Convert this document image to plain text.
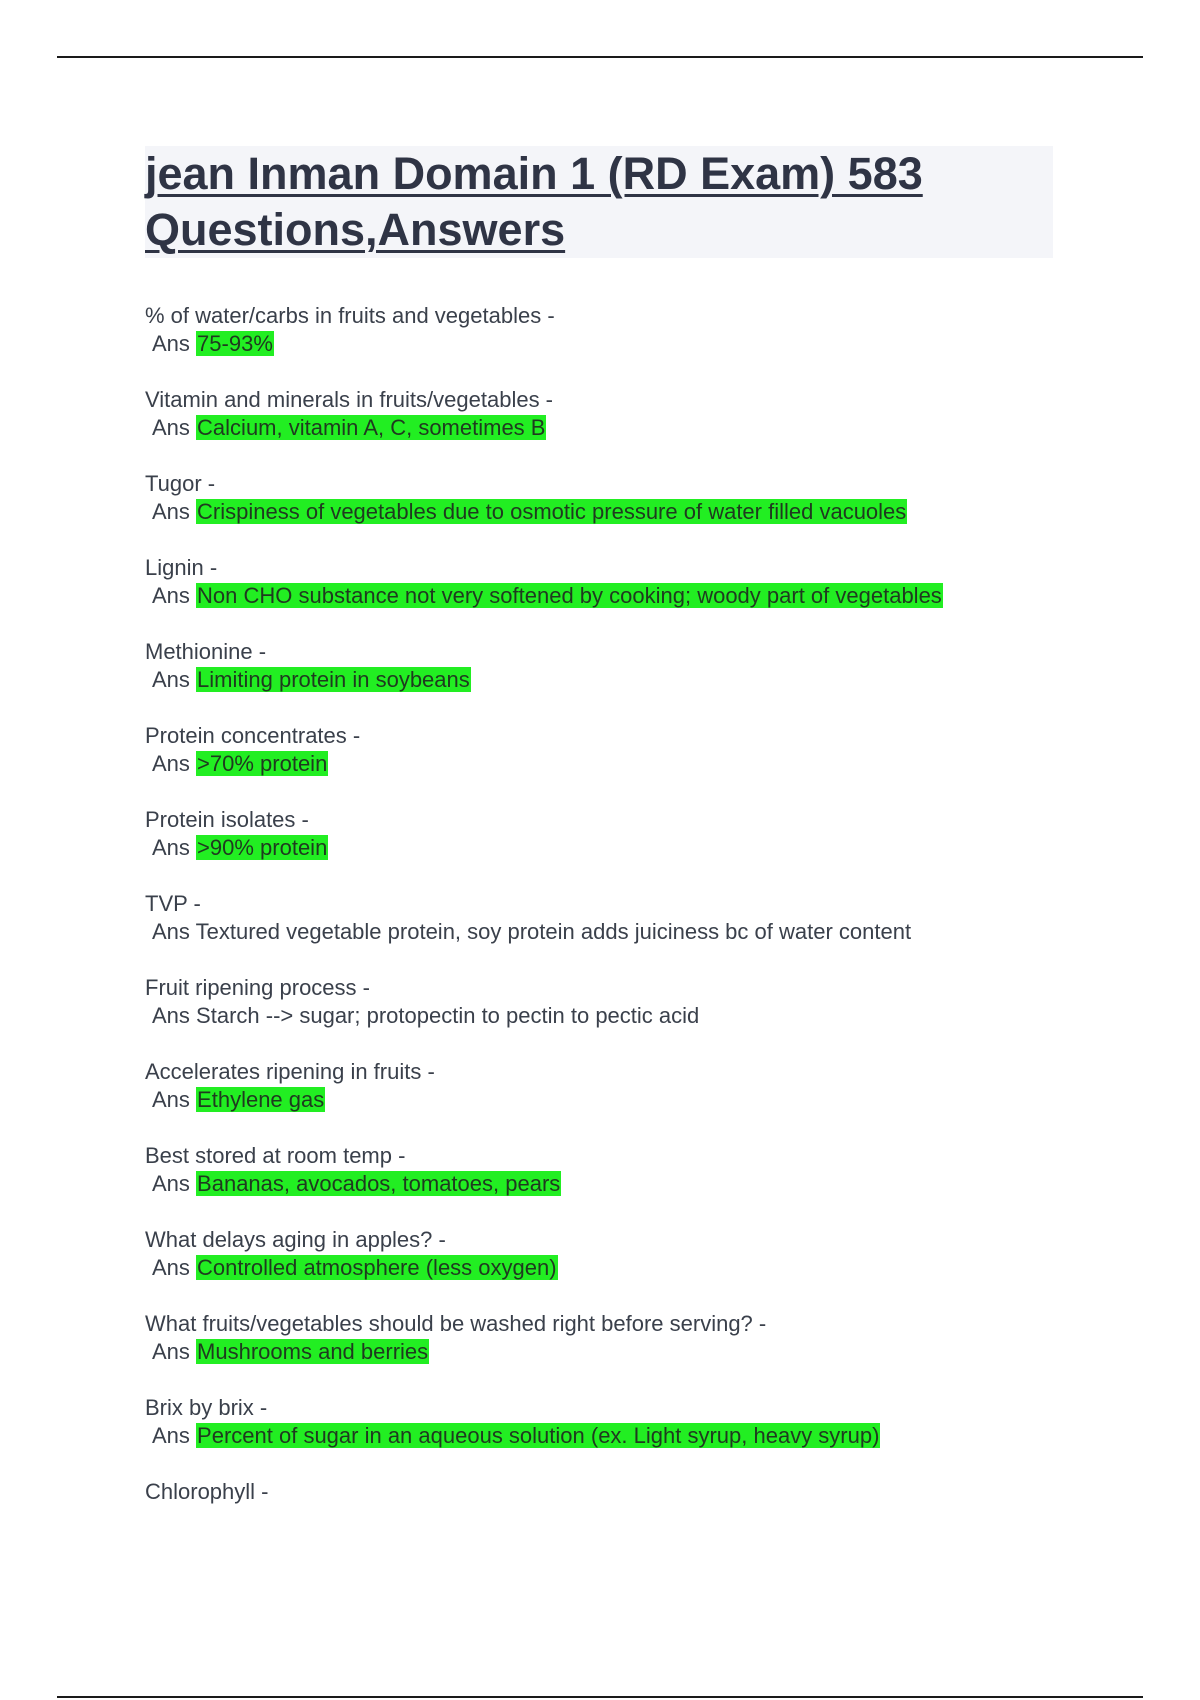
jean Inman Domain 1 (RD Exam) 583 Questions,Answers
% of water/carbs in fruits and vegetables -
Ans 75-93%
Vitamin and minerals in fruits/vegetables -
Ans Calcium, vitamin A, C, sometimes B
Tugor -
Ans Crispiness of vegetables due to osmotic pressure of water filled vacuoles
Lignin -
Ans Non CHO substance not very softened by cooking; woody part of vegetables
Methionine -
Ans Limiting protein in soybeans
Protein concentrates -
Ans >70% protein
Protein isolates -
Ans >90% protein
TVP -
Ans Textured vegetable protein, soy protein adds juiciness bc of water content
Fruit ripening process -
Ans Starch --> sugar; protopectin to pectin to pectic acid
Accelerates ripening in fruits -
Ans Ethylene gas
Best stored at room temp -
Ans Bananas, avocados, tomatoes, pears
What delays aging in apples? -
Ans Controlled atmosphere (less oxygen)
What fruits/vegetables should be washed right before serving? -
Ans Mushrooms and berries
Brix by brix -
Ans Percent of sugar in an aqueous solution (ex. Light syrup, heavy syrup)
Chlorophyll -
